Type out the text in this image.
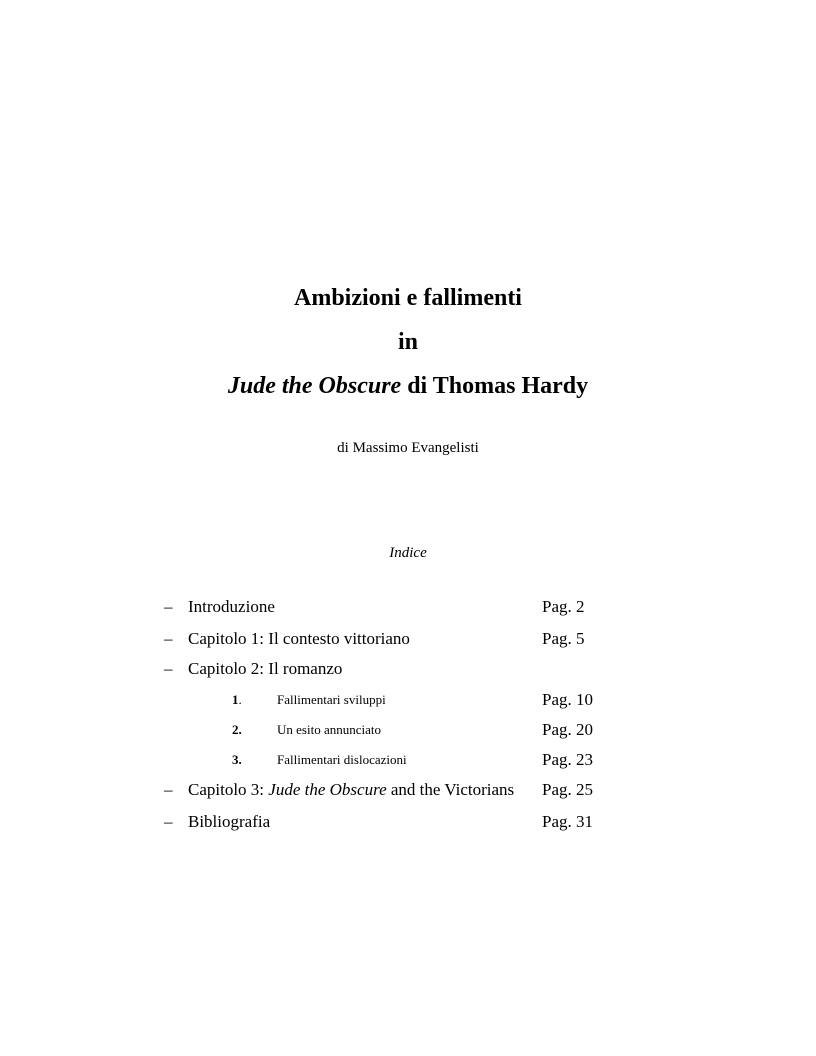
Ambizioni e fallimenti
in
Jude the Obscure di Thomas Hardy
di Massimo Evangelisti
Indice
– Introduzione	Pag. 2
– Capitolo 1: Il contesto vittoriano	Pag. 5
– Capitolo 2: Il romanzo
1.	Fallimentari sviluppi	Pag. 10
2.	Un esito annunciato	Pag. 20
3.	Fallimentari dislocazioni	Pag. 23
– Capitolo 3: Jude the Obscure and the Victorians Pag. 25
– Bibliografia	Pag. 31
